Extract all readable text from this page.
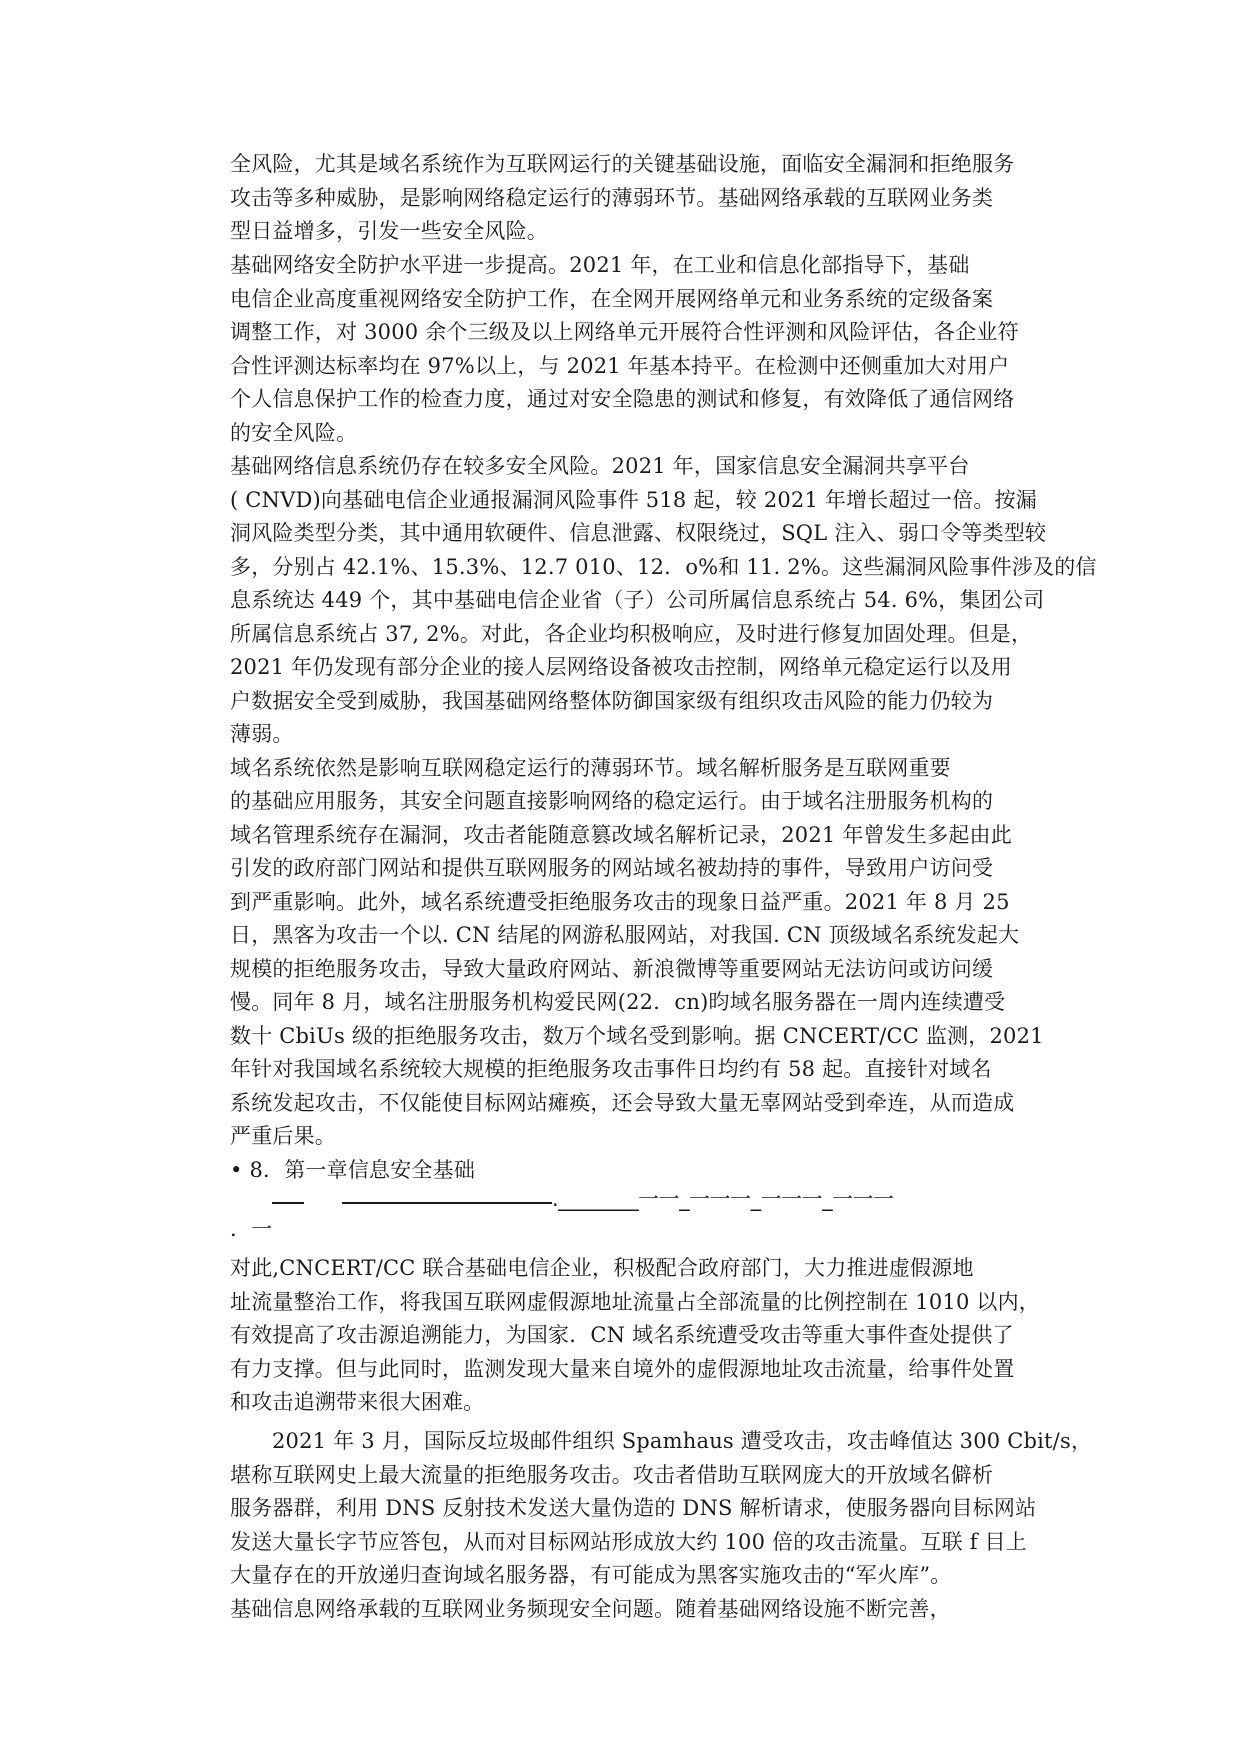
全风险，尤其是域名系统作为互联网运行的关键基础设施，面临安全漏洞和拒绝服务
攻击等多种威胁，是影响网络稳定运行的薄弱环节。基础网络承载的互联网业务类
型日益增多，引发一些安全风险。
基础网络安全防护水平进一步提高。2021 年，在工业和信息化部指导下，基础
电信企业高度重视网络安全防护工作，在全网开展网络单元和业务系统的定级备案
调整工作，对 3000 余个三级及以上网络单元开展符合性评测和风险评估，各企业符
合性评测达标率均在 97%以上，与 2021 年基本持平。在检测中还侧重加大对用户
个人信息保护工作的检查力度，通过对安全隐患的测试和修复，有效降低了通信网络
的安全风险。
基础网络信息系统仍存在较多安全风险。2021 年，国家信息安全漏洞共享平台
( CNVD)向基础电信企业通报漏洞风险事件 518 起，较 2021 年增长超过一倍。按漏
洞风险类型分类，其中通用软硬件、信息泄露、权限绕过，SQL 注入、弱口令等类型较
多，分别占 42.1%、15.3%、12.7 010、12．o%和 11. 2%。这些漏洞风险事件涉及的信
息系统达 449 个，其中基础电信企业省（子）公司所属信息系统占 54. 6%，集团公司
所属信息系统占 37, 2%。对此，各企业均积极响应，及时进行修复加固处理。但是，
2021 年仍发现有部分企业的接人层网络设备被攻击控制，网络单元稳定运行以及用
户数据安全受到威胁，我国基础网络整体防御国家级有组织攻击风险的能力仍较为
薄弱。
域名系统依然是影响互联网稳定运行的薄弱环节。域名解析服务是互联网重要
的基础应用服务，其安全问题直接影响网络的稳定运行。由于域名注册服务机构的
域名管理系统存在漏洞，攻击者能随意篡改域名解析记录，2021 年曾发生多起由此
引发的政府部门网站和提供互联网服务的网站域名被劫持的事件，导致用户访问受
到严重影响。此外，域名系统遭受拒绝服务攻击的现象日益严重。2021 年 8 月 25
日，黑客为攻击一个以. CN 结尾的网游私服网站，对我国. CN 顶级域名系统发起大
规模的拒绝服务攻击，导致大量政府网站、新浪微博等重要网站无法访问或访问缓
慢。同年 8 月，域名注册服务机构爱民网(22．cn)昀域名服务器在一周内连续遭受
数十 CbiUs 级的拒绝服务攻击，数万个域名受到影响。据 CNCERT/CC 监测，2021
年针对我国域名系统较大规模的拒绝服务攻击事件日均约有 58 起。直接针对域名
系统发起攻击，不仅能使目标网站瘫痪，还会导致大量无辜网站受到牵连，从而造成
严重后果。
• 8．第一章信息安全基础
.________一一_一一一_一一一_一一一
．一
对此,CNCERT/CC 联合基础电信企业，积极配合政府部门，大力推进虚假源地
址流量整治工作，将我国互联网虚假源地址流量占全部流量的比例控制在 1010 以内，
有效提高了攻击源追溯能力，为国家．CN 域名系统遭受攻击等重大事件查处提供了
有力支撑。但与此同时，监测发现大量来自境外的虚假源地址攻击流量，给事件处置
和攻击追溯带来很大困难。
2021 年 3 月，国际反垃圾邮件组织 Spamhaus 遭受攻击，攻击峰值达 300 Cbit/s，
堪称互联网史上最大流量的拒绝服务攻击。攻击者借助互联网庞大的开放域名僻析
服务器群，利用 DNS 反射技术发送大量伪造的 DNS 解析请求，使服务器向目标网站
发送大量长字节应答包，从而对目标网站形成放大约 100 倍的攻击流量。互联 f 目上
大量存在的开放递归查询域名服务器，有可能成为黑客实施攻击的“军火库”。
基础信息网络承载的互联网业务频现安全问题。随着基础网络设施不断完善，
